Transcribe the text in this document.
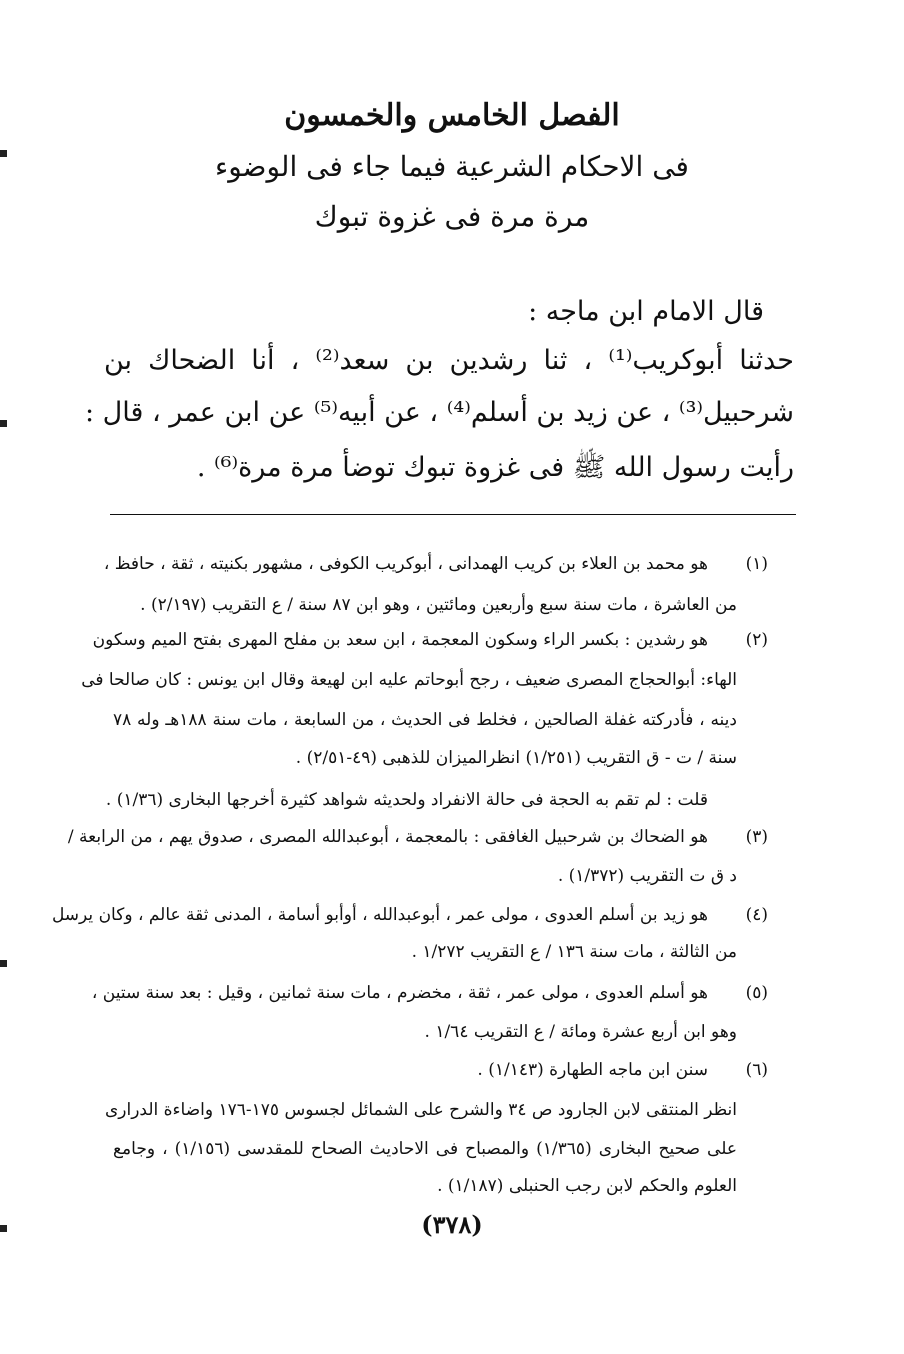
الفصل الخامس والخمسون
فى الاحكام الشرعية فيما جاء فى الوضوء
مرة مرة فى غزوة تبوك
قال الامام ابن ماجه :
حدثنا أبوكريب⁽¹⁾ ، ثنا رشدين بن سعد⁽²⁾ ، أنا الضحاك بن
شرحبيل⁽³⁾ ، عن زيد بن أسلم⁽⁴⁾ ، عن أبيه⁽⁵⁾ عن ابن عمر ، قال :
رأيت رسول الله ﷺ فى غزوة تبوك توضأ مرة مرة⁽⁶⁾ .
(١)
هو محمد بن العلاء بن كريب الهمدانى ، أبوكريب الكوفى ، مشهور بكنيته ، ثقة ، حافظ ،
من العاشرة ، مات سنة سبع وأربعين ومائتين ، وهو ابن ٨٧ سنة / ع التقريب (٢/١٩٧) .
(٢)
هو رشدين : بكسر الراء وسكون المعجمة ، ابن سعد بن مفلح المهرى بفتح الميم وسكون
الهاء: أبوالحجاج المصرى ضعيف ، رجح أبوحاتم عليه ابن لهيعة وقال ابن يونس : كان صالحا فى
دينه ، فأدركته غفلة الصالحين ، فخلط فى الحديث ، من السابعة ، مات سنة ١٨٨هـ وله ٧٨
سنة / ت - ق التقريب (١/٢٥١) انظرالميزان للذهبى (٤٩-٢/٥١) .
قلت : لم تقم به الحجة فى حالة الانفراد ولحديثه شواهد كثيرة أخرجها البخارى (١/٣٦) .
(٣)
هو الضحاك بن شرحبيل الغافقى : بالمعجمة ، أبوعبدالله المصرى ، صدوق يهم ، من الرابعة /
د ق ت التقريب (١/٣٧٢) .
(٤)
هو زيد بن أسلم العدوى ، مولى عمر ، أبوعبدالله ، أوأبو أسامة ، المدنى ثقة عالم ، وكان يرسل
من الثالثة ، مات سنة ١٣٦ / ع التقريب ١/٢٧٢ .
(٥)
هو أسلم العدوى ، مولى عمر ، ثقة ، مخضرم ، مات سنة ثمانين ، وقيل : بعد سنة ستين ،
وهو ابن أربع عشرة ومائة / ع التقريب ١/٦٤ .
(٦)
سنن ابن ماجه الطهارة (١/١٤٣) .
انظر المنتقى لابن الجارود ص ٣٤ والشرح على الشمائل لجسوس ١٧٥-١٧٦ واضاءة الدرارى
على صحيح البخارى (١/٣٦٥) والمصباح فى الاحاديث الصحاح للمقدسى (١/١٥٦) ، وجامع
العلوم والحكم لابن رجب الحنبلى (١/١٨٧) .
(٣٧٨)
